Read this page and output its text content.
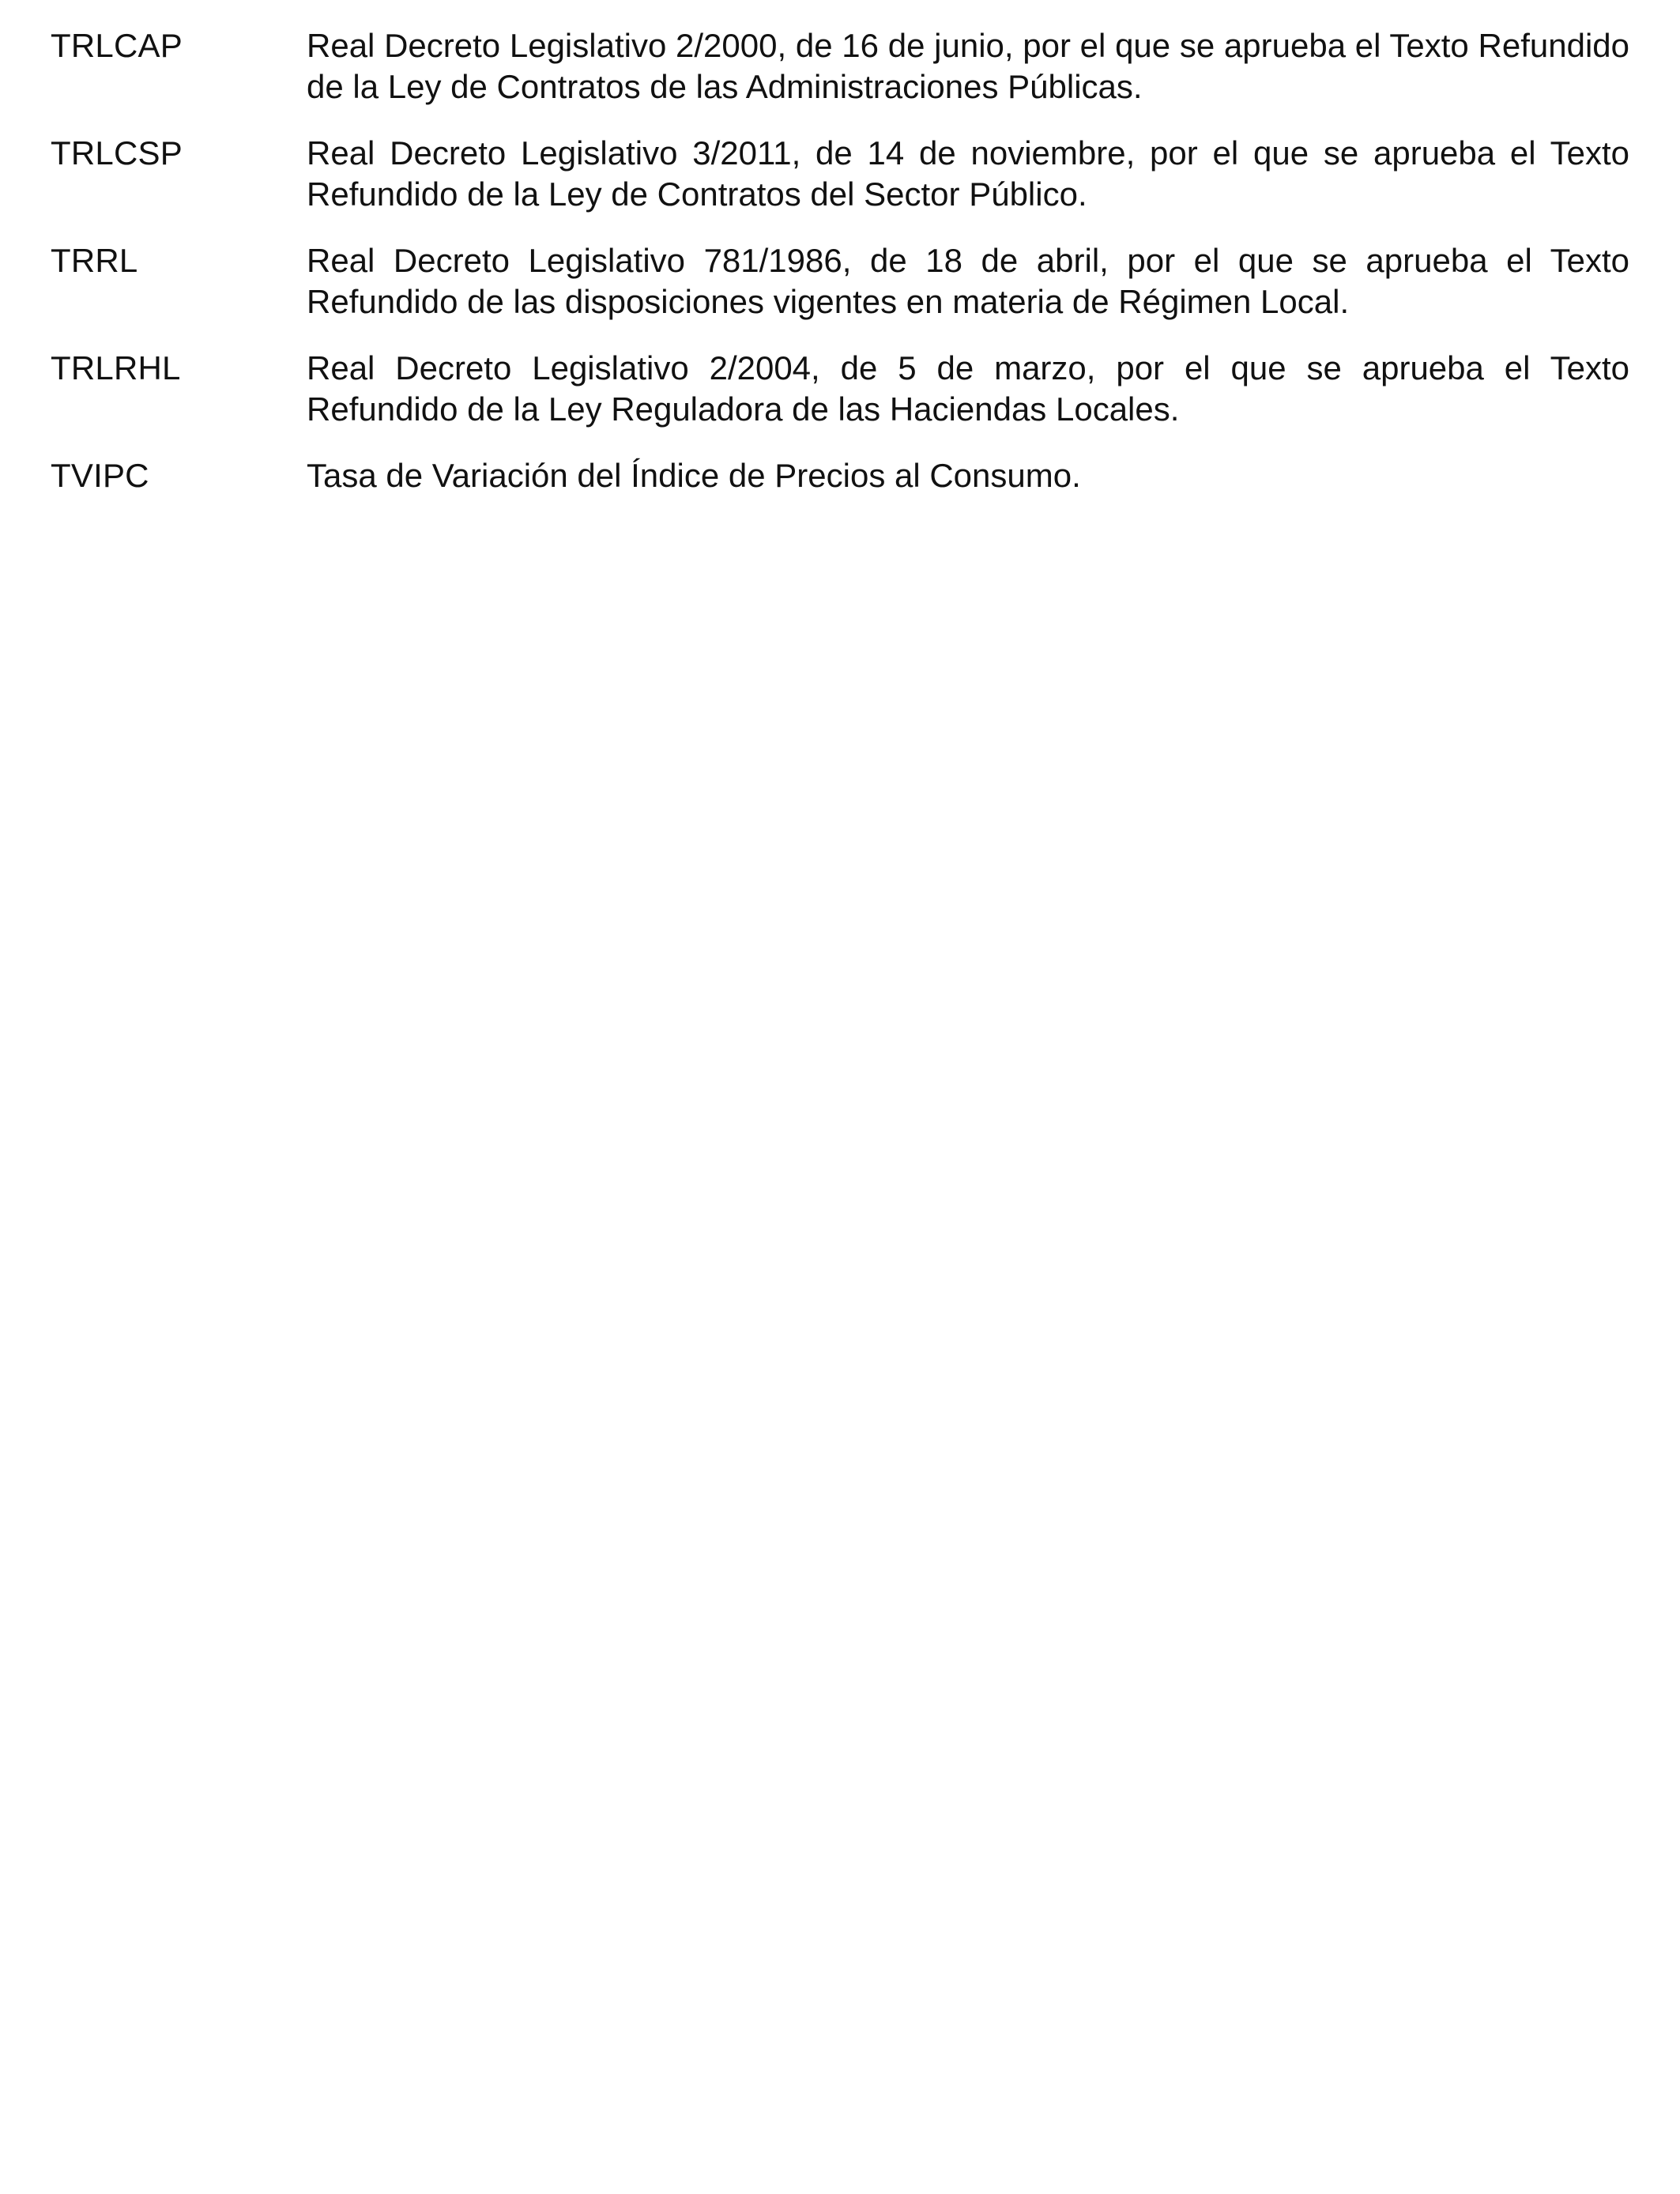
TRLCAP	Real Decreto Legislativo 2/2000, de 16 de junio, por el que se aprueba el Texto Refundido de la Ley de Contratos de las Administraciones Públicas.
TRLCSP	Real Decreto Legislativo 3/2011, de 14 de noviembre, por el que se aprueba el Texto Refundido de la Ley de Contratos del Sector Público.
TRRL	Real Decreto Legislativo 781/1986, de 18 de abril, por el que se aprueba el Texto Refundido de las disposiciones vigentes en materia de Régimen Local.
TRLRHL	Real Decreto Legislativo 2/2004, de 5 de marzo, por el que se aprueba el Texto Refundido de la Ley Reguladora de las Haciendas Locales.
TVIPC	Tasa de Variación del Índice de Precios al Consumo.
